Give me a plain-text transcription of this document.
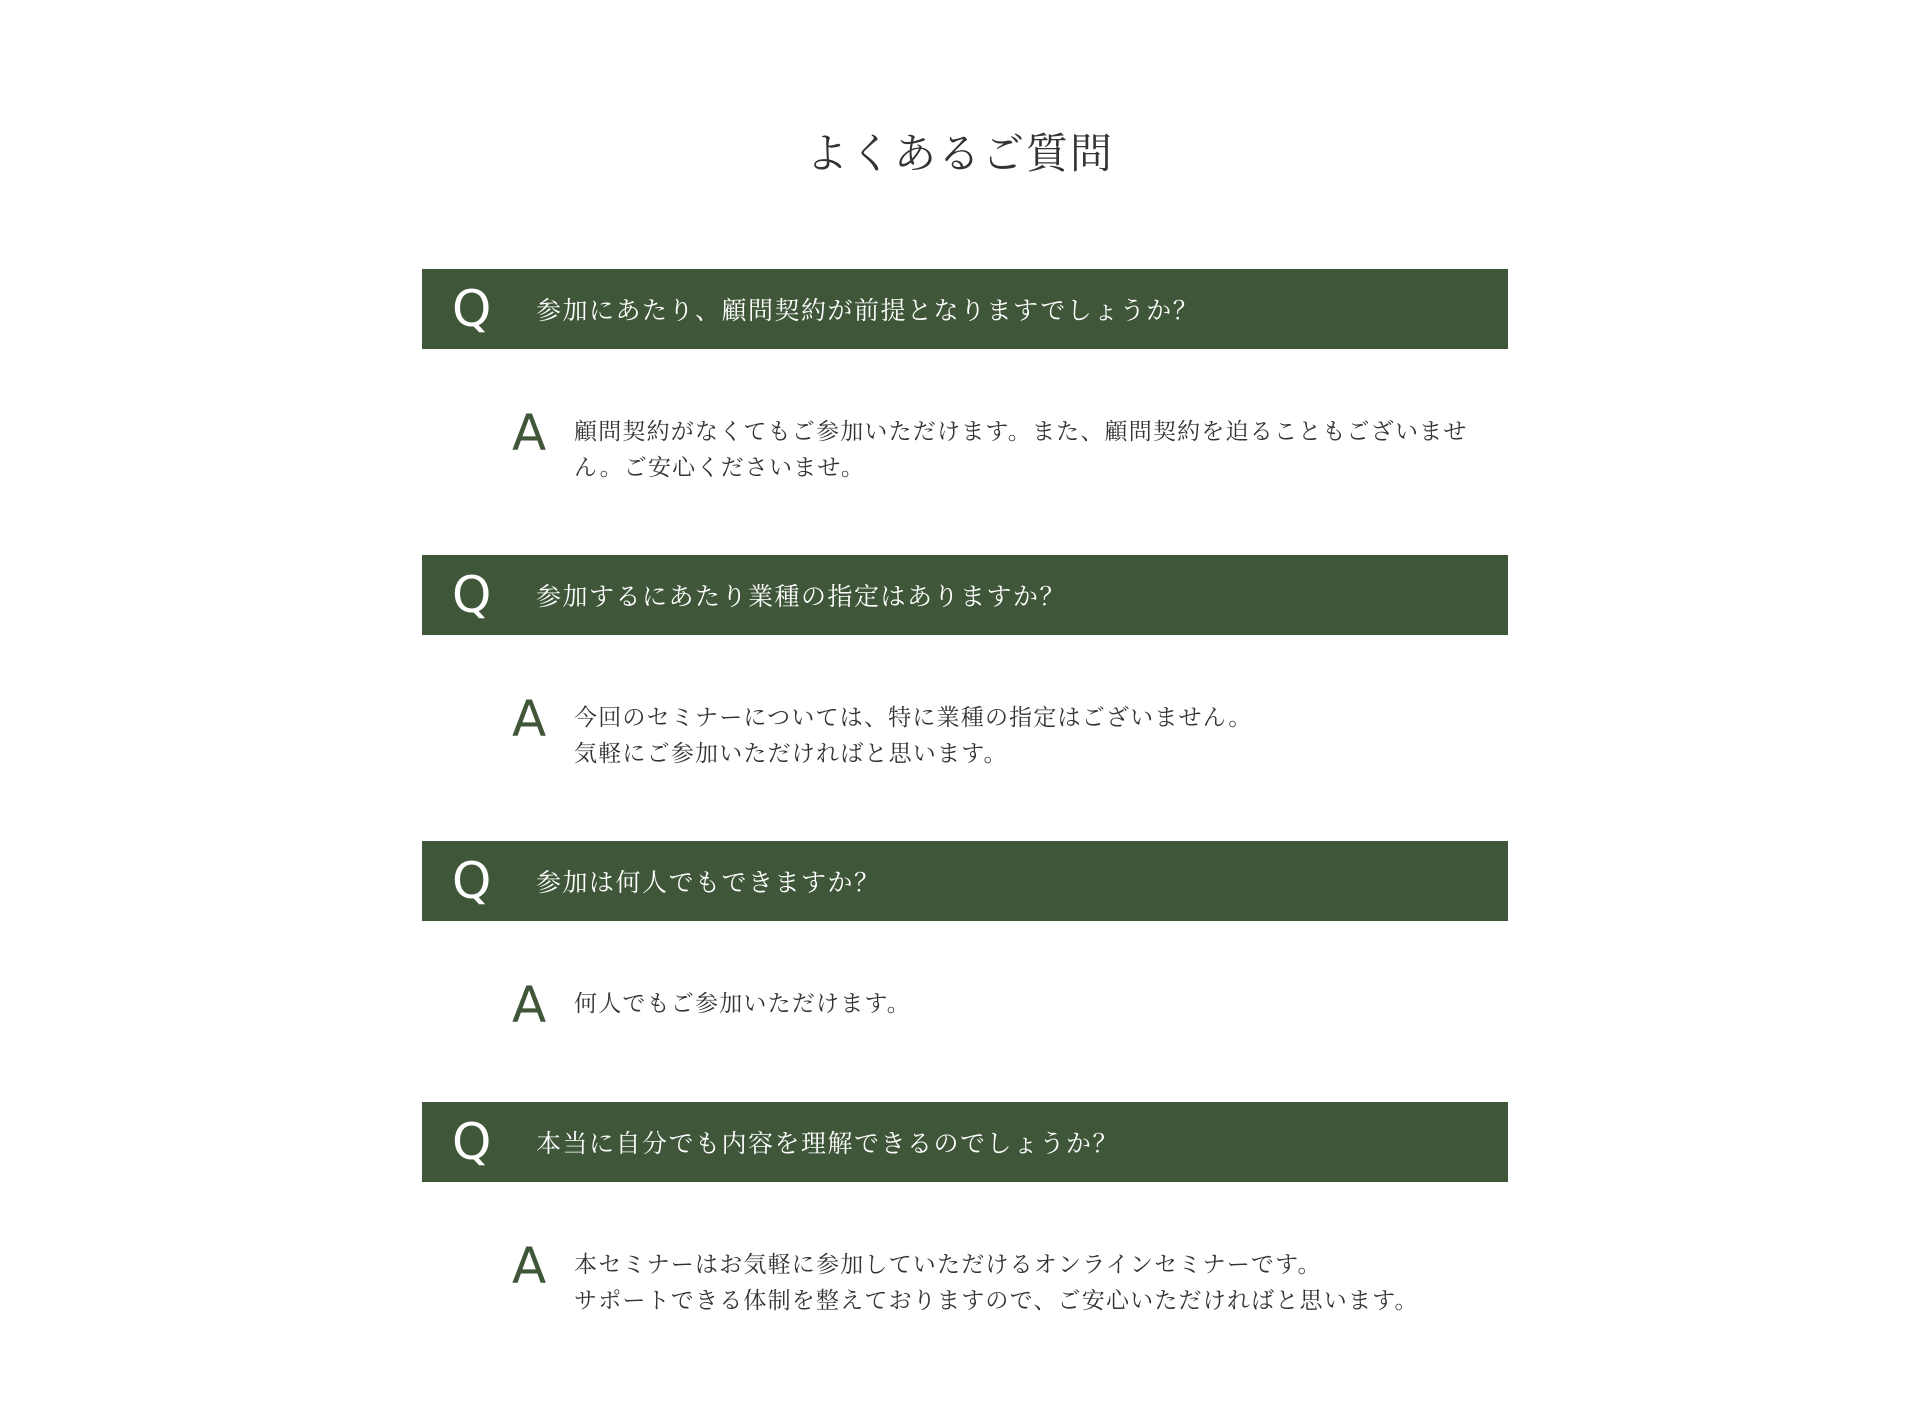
よくあるご質問
Q	参加にあたり、顧問契約が前提となりますでしょうか？
A	顧問契約がなくてもご参加いただけます。また、顧問契約を迫ることもございませ
ん。ご安心くださいませ。
Q	参加するにあたり業種の指定はありますか？
A	今回のセミナーについては、特に業種の指定はございません。
気軽にご参加いただければと思います。
Q	参加は何人でもできますか？
A	何人でもご参加いただけます。
Q	本当に自分でも内容を理解できるのでしょうか？
A	本セミナーはお気軽に参加していただけるオンラインセミナーです。
サポートできる体制を整えておりますので、ご安心いただければと思います。
